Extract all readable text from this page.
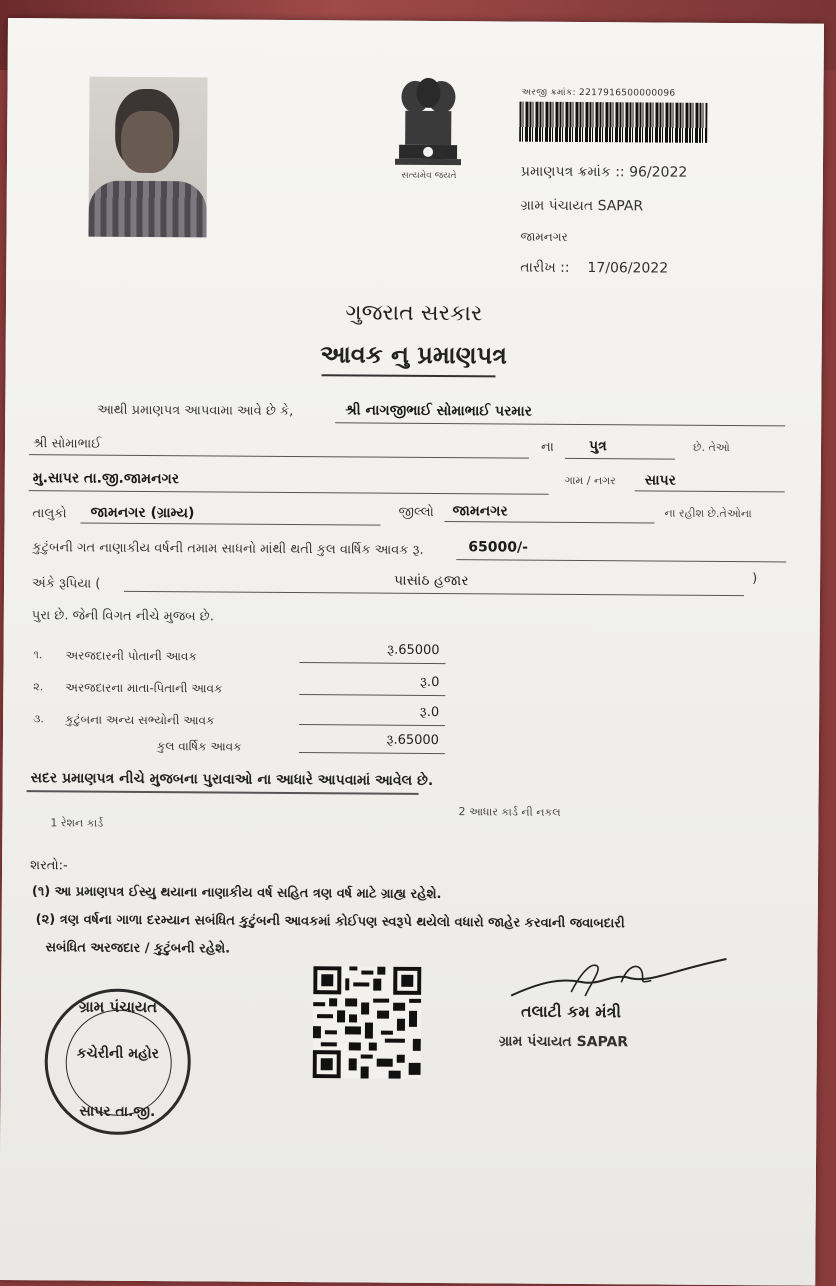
સત્યમેવ જયતે
અરજી ક્રમાંક: 2217916500000096
પ્રમાણપત્ર ક્રમાંક :: 96/2022
ગ્રામ પંચાયત SAPAR
જામનગર
તારીખ :: 17/06/2022
ગુજરાત સરકાર
આવક નુ પ્રમાણપત્ર
આથી પ્રમાણપત્ર આપવામા આવે છે કે,	શ્રી નાગજીભાઈ સોમાભાઈ પરમાર
શ્રી સોમાભાઈ	ના	પુત્ર	છે. તેઓ
મુ.સાપર તા.જી.જામનગર	ગામ / નગર સાપર
તાલુકો જામનગર (ગ્રામ્ય)	જીલ્લો જામનગર	ના રહીશ છે.તેઓના
કુટુંબની ગત નાણાકીય વર્ષની તમામ સાધનો માંથી થતી કુલ વાર્ષિક આવક રૂ.	65000/-
અંકે રૂપિયા (	પાસાંઠ હજાર	)
પુરા છે. જેની વિગત નીચે મુજબ છે.
૧. અરજદારની પોતાની આવક	રૂ.65000
૨. અરજદારના માતા-પિતાની આવક	રૂ.0
૩. કુટુંબના અન્ય સભ્યોની આવક	રૂ.0
કુલ વાર્ષિક આવક	રૂ.65000
સદર પ્રમાણપત્ર નીચે મુજબના પુરાવાઓ ના આધારે આપવામાં આવેલ છે.
1 રેશન કાર્ડ
2 આધાર કાર્ડ ની નકલ
શરતો:-
(૧) આ પ્રમાણપત્ર ઈસ્યુ થયાના નાણાકીય વર્ષ સહિત ત્રણ વર્ષ માટે ગ્રાહ્ય રહેશે.
(૨) ત્રણ વર્ષના ગાળા દરમ્યાન સબંધિત કુટુંબની આવકમાં કોઈપણ સ્વરૂપે થયેલો વધારો જાહેર કરવાની જવાબદારી
સબંધિત અરજદાર / કુટુંબની રહેશે.
ગ્રામ પંચાયત
કચેરીની મહોર
સાપર તા.જી.
તલાટી કમ મંત્રી
ગ્રામ પંચાયત SAPAR
